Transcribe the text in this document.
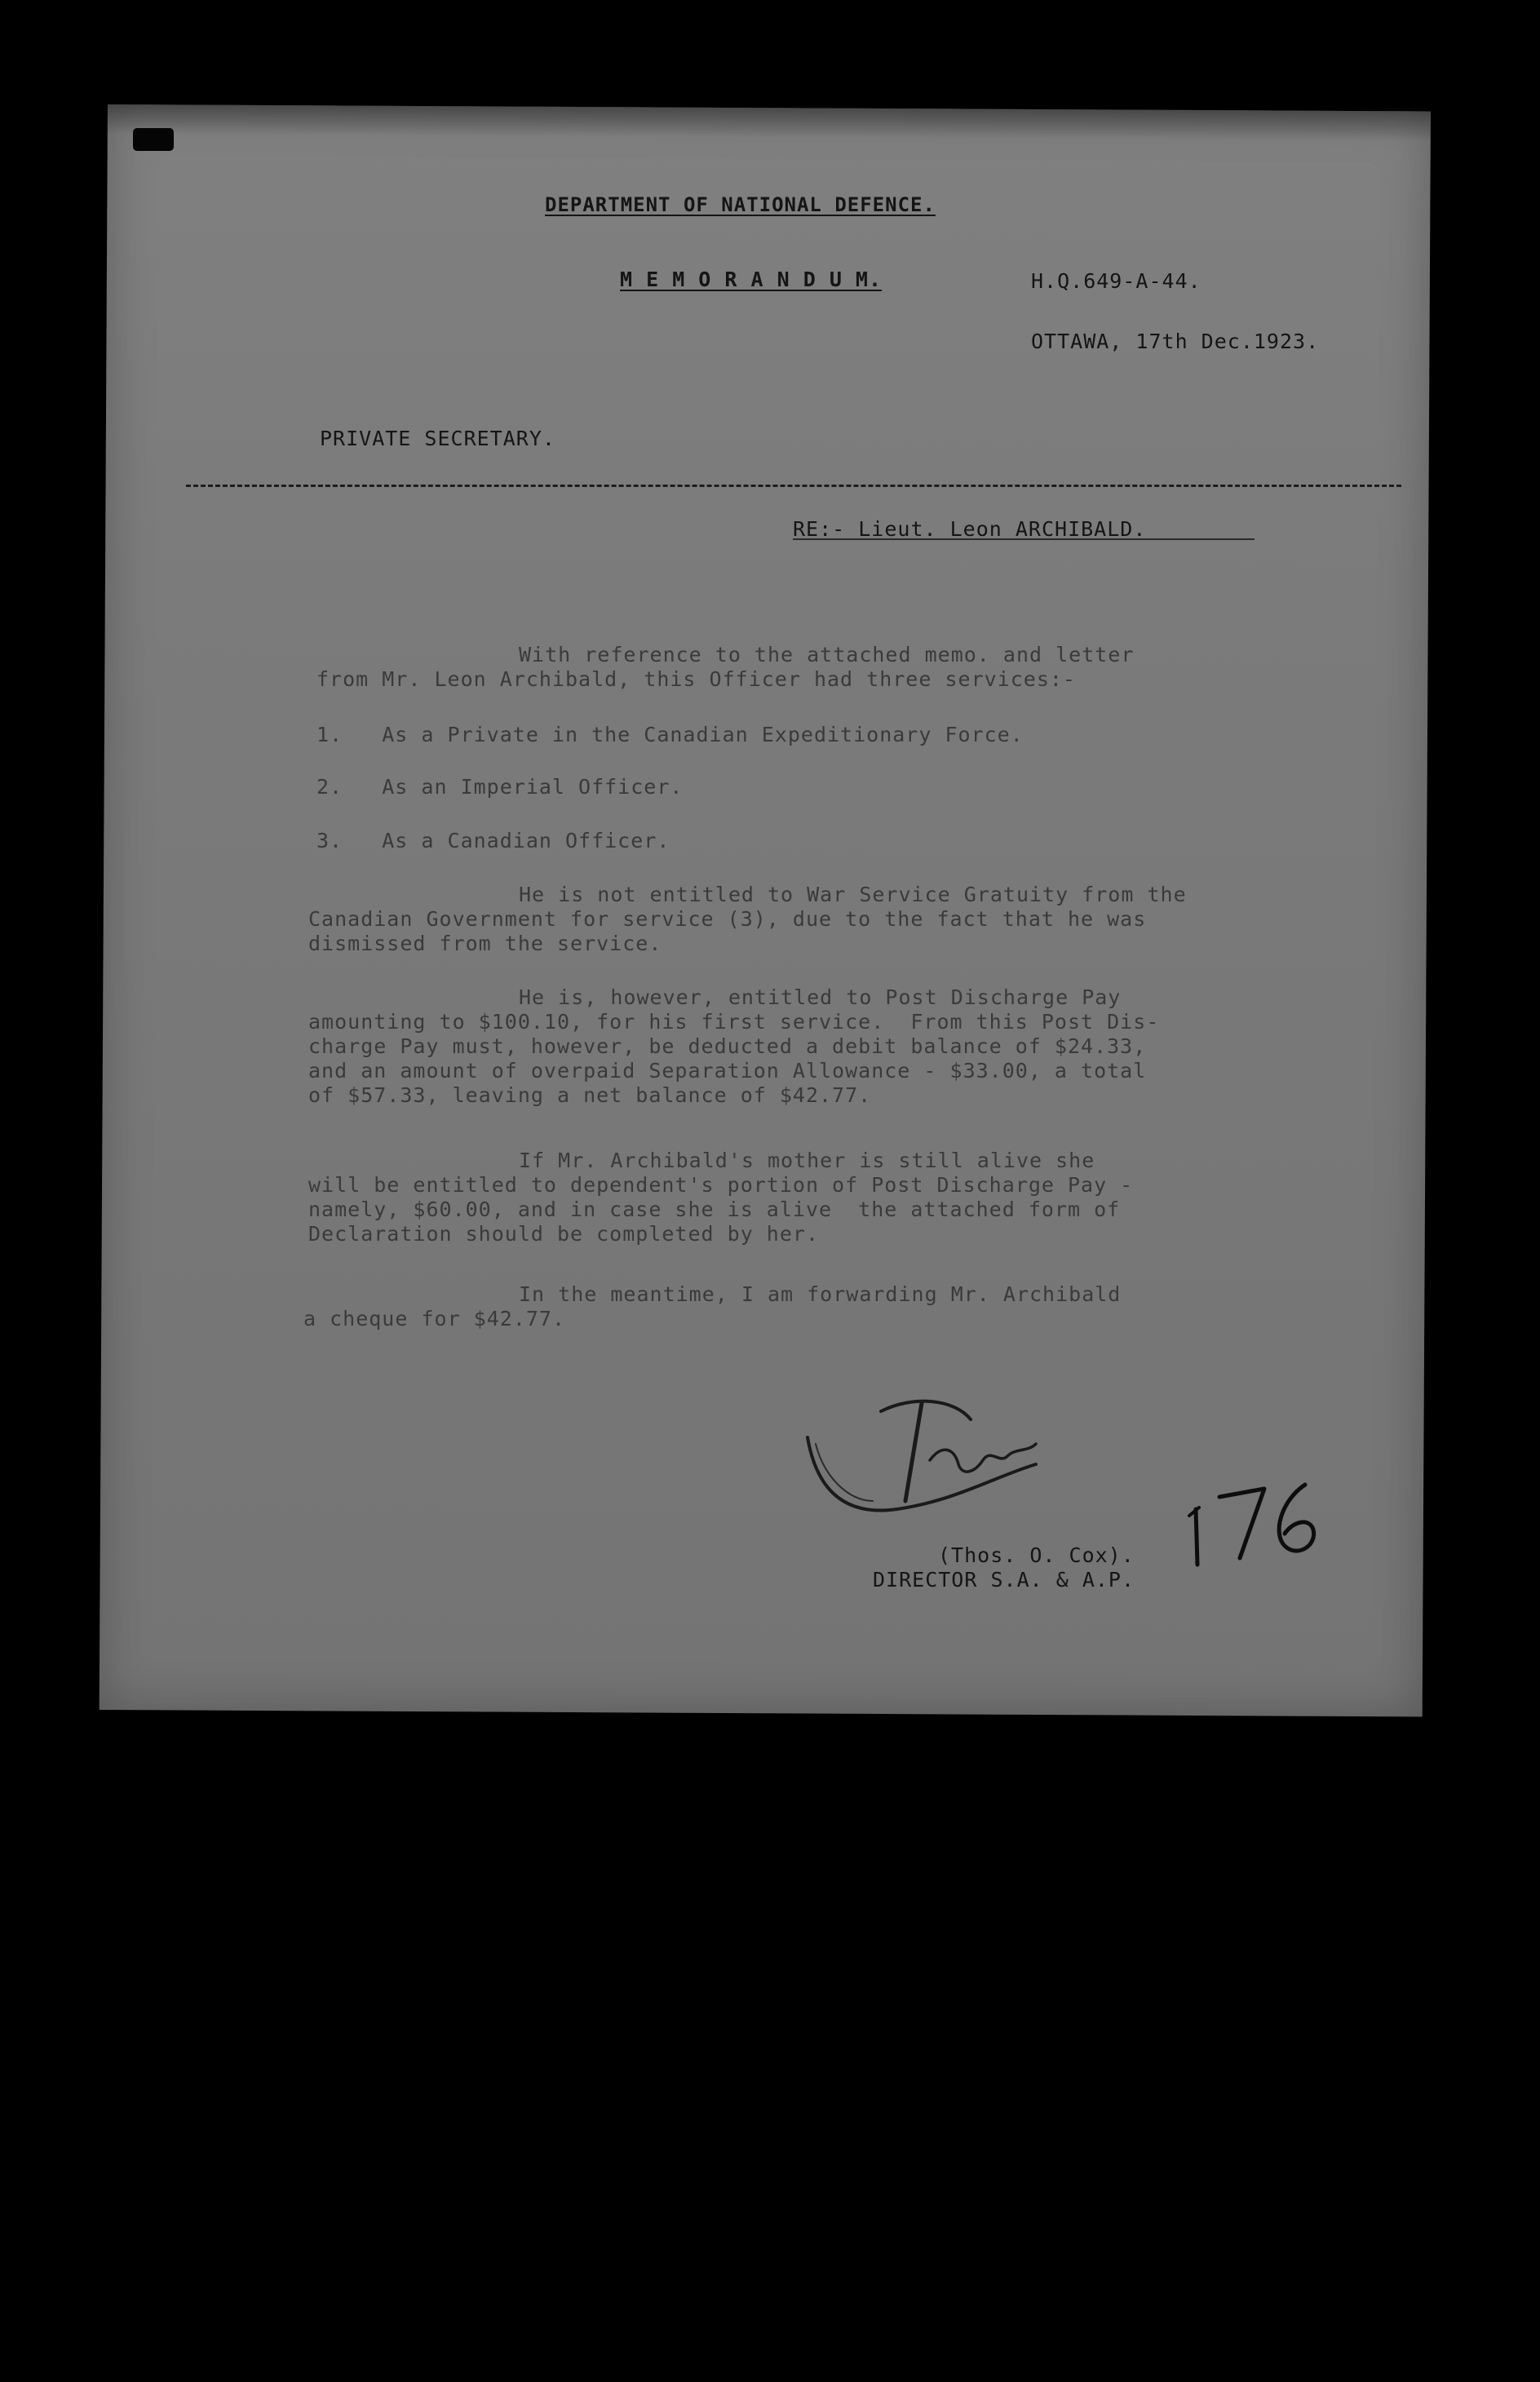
DEPARTMENT OF NATIONAL DEFENCE.
M E M O R A N D U M.	H.Q.649-A-44.
OTTAWA, 17th Dec.1923.
PRIVATE SECRETARY.
RE:- Lieut. Leon ARCHIBALD.
With reference to the attached memo. and letter
from Mr. Leon Archibald, this Officer had three services:-
1.   As a Private in the Canadian Expeditionary Force.
2.   As an Imperial Officer.
3.   As a Canadian Officer.
He is not entitled to War Service Gratuity from the
Canadian Government for service (3), due to the fact that he was
dismissed from the service.
He is, however, entitled to Post Discharge Pay
amounting to $100.10, for his first service.  From this Post Dis-
charge Pay must, however, be deducted a debit balance of $24.33,
and an amount of overpaid Separation Allowance - $33.00, a total
of $57.33, leaving a net balance of $42.77.
If Mr. Archibald's mother is still alive she
will be entitled to dependent's portion of Post Discharge Pay -
namely, $60.00, and in case she is alive  the attached form of
Declaration should be completed by her.
In the meantime, I am forwarding Mr. Archibald
a cheque for $42.77.
(Thos. O. Cox).
DIRECTOR S.A. & A.P.
